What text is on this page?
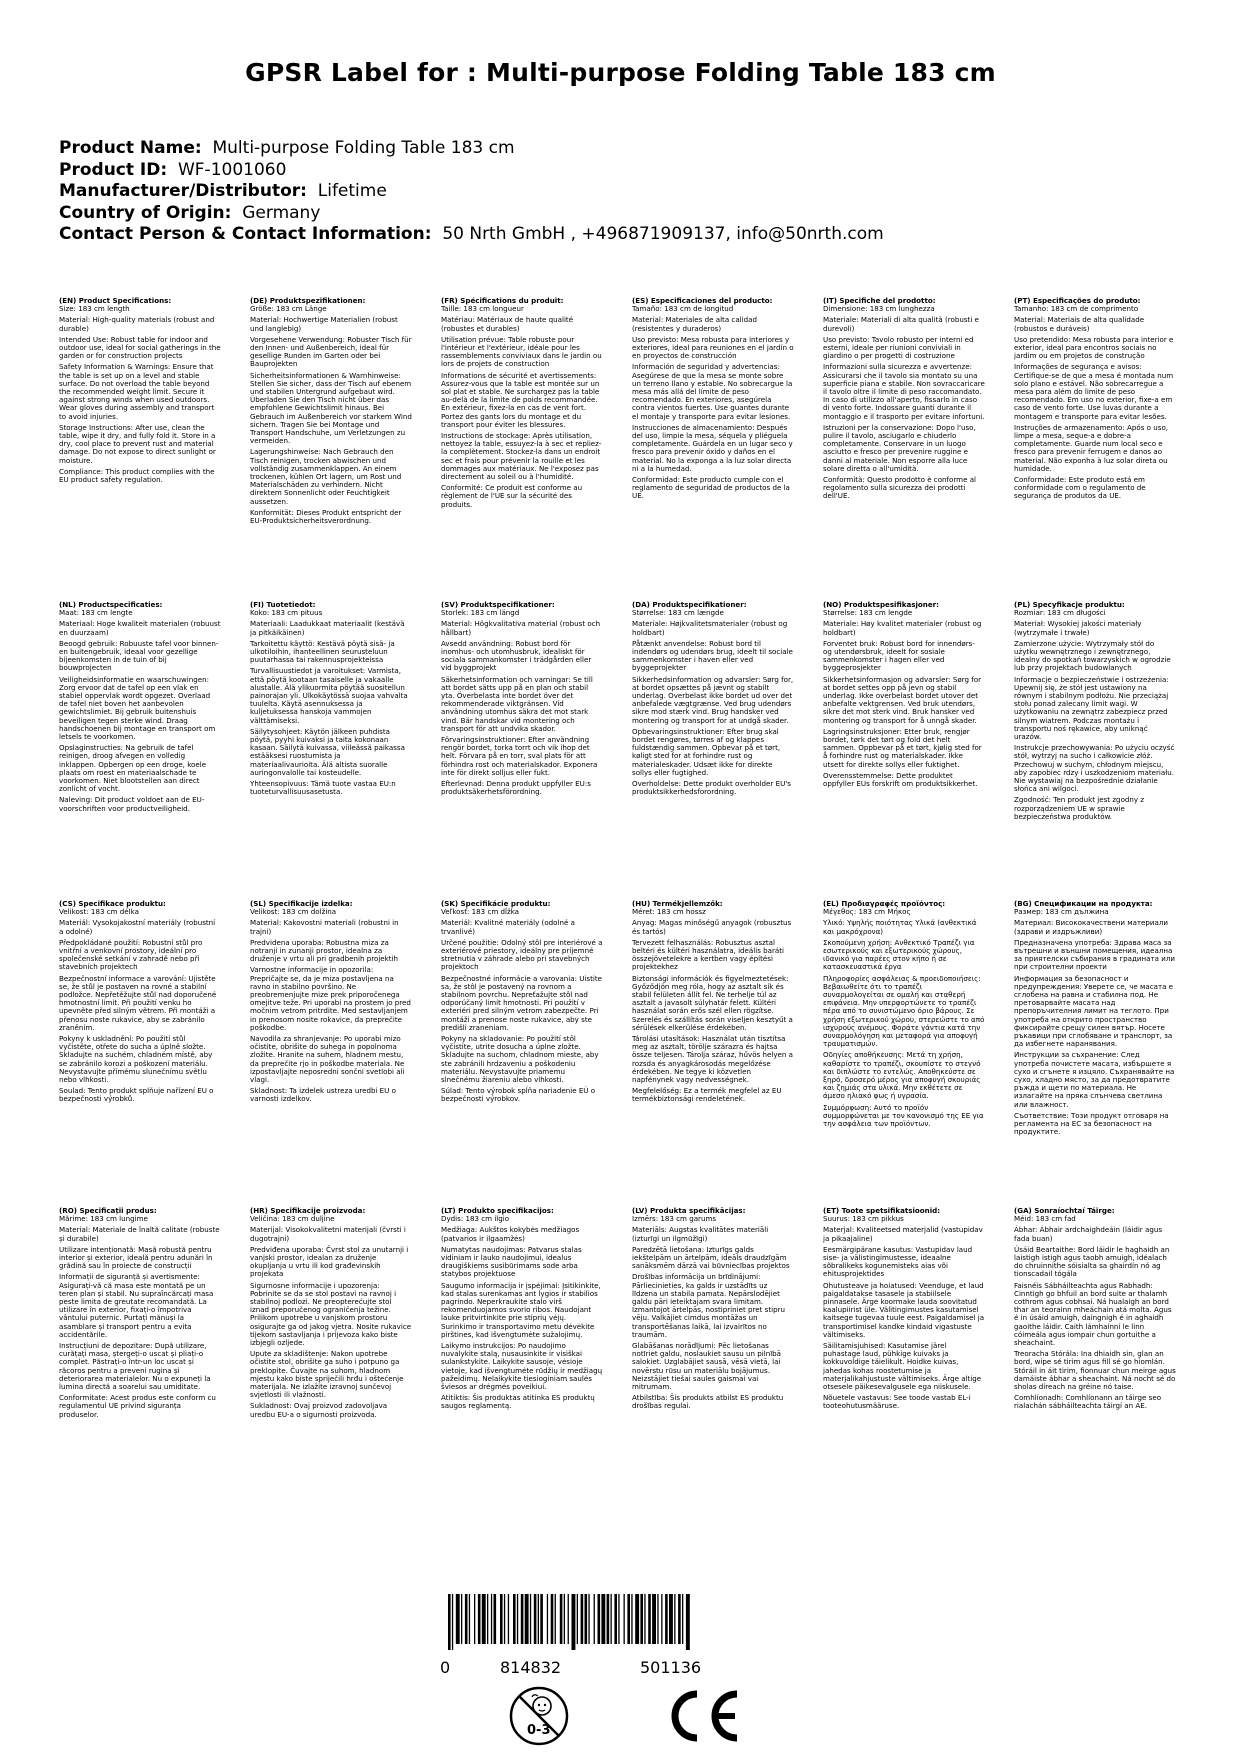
GPSR Label for : Multi-purpose Folding Table 183 cm
Product Name: Multi-purpose Folding Table 183 cm
Product ID: WF-1001060
Manufacturer/Distributor: Lifetime
Country of Origin: Germany
Contact Person & Contact Information: 50 Nrth GmbH , +496871909137, info@50nrth.com
(EN) Product Specifications:

Size: 183 cm length

Material: High-quality materials (robust and durable)

Intended Use: Robust table for indoor and outdoor use, ideal for social gatherings in the garden or for construction projects

Safety Information & Warnings: Ensure that the table is set up on a level and stable surface. Do not overload the table beyond the recommended weight limit. Secure it against strong winds when used outdoors. Wear gloves during assembly and transport to avoid injuries.

Storage Instructions: After use, clean the table, wipe it dry, and fully fold it. Store in a dry, cool place to prevent rust and material damage. Do not expose to direct sunlight or moisture.

Compliance: This product complies with the EU product safety regulation.

(DE) Produktspezifikationen:

Größe: 183 cm Länge

Material: Hochwertige Materialien (robust und langlebig)

Vorgesehene Verwendung: Robuster Tisch für den Innen- und Außenbereich, ideal für gesellige Runden im Garten oder bei Bauprojekten

Sicherheitsinformationen & Warnhinweise: Stellen Sie sicher, dass der Tisch auf ebenem und stabilen Untergrund aufgebaut wird. Überladen Sie den Tisch nicht über das empfohlene Gewichtslimit hinaus. Bei Gebrauch im Außenbereich vor starkem Wind sichern. Tragen Sie bei Montage und Transport Handschuhe, um Verletzungen zu vermeiden.

Lagerungshinweise: Nach Gebrauch den Tisch reinigen, trocken abwischen und vollständig zusammenklappen. An einem trockenen, kühlen Ort lagern, um Rost und Materialschäden zu verhindern. Nicht direktem Sonnenlicht oder Feuchtigkeit aussetzen.

Konformität: Dieses Produkt entspricht der EU-Produktsicherheitsverordnung.

(FR) Spécifications du produit:

Taille: 183 cm longueur

Matériau: Matériaux de haute qualité (robustes et durables)

Utilisation prévue: Table robuste pour l'intérieur et l'extérieur, idéale pour les rassemblements conviviaux dans le jardin ou lors de projets de construction

Informations de sécurité et avertissements: Assurez-vous que la table est montée sur un sol plat et stable. Ne surchargez pas la table au-delà de la limite de poids recommandée. En extérieur, fixez-la en cas de vent fort. Portez des gants lors du montage et du transport pour éviter les blessures.

Instructions de stockage: Après utilisation, nettoyez la table, essuyez-la à sec et repliez-la complètement. Stockez-la dans un endroit sec et frais pour prévenir la rouille et les dommages aux matériaux. Ne l'exposez pas directement au soleil ou à l'humidité.

Conformité: Ce produit est conforme au règlement de l'UE sur la sécurité des produits.

(ES) Especificaciones del producto:

Tamaño: 183 cm de longitud

Material: Materiales de alta calidad (resistentes y duraderos)

Uso previsto: Mesa robusta para interiores y exteriores, ideal para reuniones en el jardín o en proyectos de construcción

Información de seguridad y advertencias: Asegúrese de que la mesa se monte sobre un terreno llano y estable. No sobrecargue la mesa más allá del límite de peso recomendado. En exteriores, asegúrela contra vientos fuertes. Use guantes durante el montaje y transporte para evitar lesiones.

Instrucciones de almacenamiento: Después del uso, limpie la mesa, séquela y pliéguela completamente. Guárdela en un lugar seco y fresco para prevenir óxido y daños en el material. No la exponga a la luz solar directa ni a la humedad.

Conformidad: Este producto cumple con el reglamento de seguridad de productos de la UE.

(IT) Specifiche del prodotto:

Dimensione: 183 cm lunghezza

Materiale: Materiali di alta qualità (robusti e durevoli)

Uso previsto: Tavolo robusto per interni ed esterni, ideale per riunioni conviviali in giardino o per progetti di costruzione

Informazioni sulla sicurezza e avvertenze: Assicurarsi che il tavolo sia montato su una superficie piana e stabile. Non sovraccaricare il tavolo oltre il limite di peso raccomandato. In caso di utilizzo all'aperto, fissarlo in caso di vento forte. Indossare guanti durante il montaggio e il trasporto per evitare infortuni.

Istruzioni per la conservazione: Dopo l'uso, pulire il tavolo, asciugarlo e chiuderlo completamente. Conservare in un luogo asciutto e fresco per prevenire ruggine e danni al materiale. Non esporre alla luce solare diretta o all'umidità.

Conformità: Questo prodotto è conforme al regolamento sulla sicurezza dei prodotti dell'UE.

(PT) Especificações do produto:

Tamanho: 183 cm de comprimento

Material: Materiais de alta qualidade (robustos e duráveis)

Uso pretendido: Mesa robusta para interior e exterior, ideal para encontros sociais no jardim ou em projetos de construção

Informações de segurança e avisos: Certifique-se de que a mesa é montada num solo plano e estável. Não sobrecarregue a mesa para além do limite de peso recomendado. Em uso no exterior, fixe-a em caso de vento forte. Use luvas durante a montagem e transporte para evitar lesões.

Instruções de armazenamento: Após o uso, limpe a mesa, seque-a e dobre-a completamente. Guarde num local seco e fresco para prevenir ferrugem e danos ao material. Não exponha à luz solar direta ou humidade.

Conformidade: Este produto está em conformidade com o regulamento de segurança de produtos da UE.

(NL) Productspecificaties:

Maat: 183 cm lengte

Materiaal: Hoge kwaliteit materialen (robuust en duurzaam)

Beoogd gebruik: Robuuste tafel voor binnen- en buitengebruik, ideaal voor gezellige bijeenkomsten in de tuin of bij bouwprojecten

Veiligheidsinformatie en waarschuwingen: Zorg ervoor dat de tafel op een vlak en stabiel oppervlak wordt opgezet. Overlaad de tafel niet boven het aanbevolen gewichtslimiet. Bij gebruik buitenshuis beveiligen tegen sterke wind. Draag handschoenen bij montage en transport om letsels te voorkomen.

Opslaginstructies: Na gebruik de tafel reinigen, droog afvegen en volledig inklappen. Opbergen op een droge, koele plaats om roest en materiaalschade te voorkomen. Niet blootstellen aan direct zonlicht of vocht.

Naleving: Dit product voldoet aan de EU-voorschriften voor productveiligheid.

(FI) Tuotetiedot:

Koko: 183 cm pituus

Materiaali: Laadukkaat materiaalit (kestävä ja pitkäikäinen)

Tarkoitettu käyttö: Kestävä pöytä sisä- ja ulkotiloihin, ihanteellinen seurusteluun puutarhassa tai rakennusprojekteissa

Turvallisuustiedot ja varoitukset: Varmista, että pöytä kootaan tasaiselle ja vakaalle alustalle. Älä ylikuormita pöytää suositellun painorajan yli. Ulkokäytössä suojaa vahvalta tuulelta. Käytä asennuksessa ja kuljetuksessa hanskoja vammojen välttämiseksi.

Säilytysohjeet: Käytön jälkeen puhdista pöytä, pyyhi kuivaksi ja taita kokonaan kasaan. Säilytä kuivassa, viileässä paikassa estääksesi ruostumista ja materiaalivaurioita. Älä altista suoralle auringonvalolle tai kosteudelle.

Yhteensopivuus: Tämä tuote vastaa EU:n tuoteturvallisuusasetusta.

(SV) Produktspecifikationer:

Storlek: 183 cm längd

Material: Högkvalitativa material (robust och hållbart)

Avsedd användning: Robust bord för inomhus- och utomhusbruk, idealiskt för sociala sammankomster i trädgården eller vid byggprojekt

Säkerhetsinformation och varningar: Se till att bordet sätts upp på en plan och stabil yta. Överbelasta inte bordet över det rekommenderade viktgränsen. Vid användning utomhus säkra det mot stark vind. Bär handskar vid montering och transport för att undvika skador.

Förvaringsinstruktioner: Efter användning rengör bordet, torka torrt och vik ihop det helt. Förvara på en torr, sval plats för att förhindra rost och materialskador. Exponera inte för direkt solljus eller fukt.

Efterlevnad: Denna produkt uppfyller EU:s produktsäkerhetsförordning.

(DA) Produktspecifikationer:

Størrelse: 183 cm længde

Materiale: Højkvalitetsmaterialer (robust og holdbart)

Påtænkt anvendelse: Robust bord til indendørs og udendørs brug, ideelt til sociale sammenkomster i haven eller ved byggeprojekter

Sikkerhedsinformation og advarsler: Sørg for, at bordet opsættes på jævnt og stabilt underlag. Overbelast ikke bordet ud over det anbefalede vægtgrænse. Ved brug udendørs sikre mod stærk vind. Brug handsker ved montering og transport for at undgå skader.

Opbevaringsinstruktioner: Efter brug skal bordet rengøres, tørres af og klappes fuldstændig sammen. Opbevar på et tørt, køligt sted for at forhindre rust og materialeskader. Udsæt ikke for direkte sollys eller fugtighed.

Overholdelse: Dette produkt overholder EU's produktsikkerhedsforordning.

(NO) Produktspesifikasjoner:

Størrelse: 183 cm lengde

Materiale: Høy kvalitet materialer (robust og holdbart)

Forventet bruk: Robust bord for innendørs- og utendørsbruk, ideelt for sosiale sammenkomster i hagen eller ved byggeprosjekter

Sikkerhetsinformasjon og advarsler: Sørg for at bordet settes opp på jevn og stabil underlag. Ikke overbelast bordet utover det anbefalte vektgrensen. Ved bruk utendørs, sikre det mot sterk vind. Bruk hansker ved montering og transport for å unngå skader.

Lagringsinstruksjoner: Etter bruk, rengjør bordet, tørk det tørt og fold det helt sammen. Oppbevar på et tørt, kjølig sted for å forhindre rust og materialskader. Ikke utsett for direkte sollys eller fuktighet.

Overensstemmelse: Dette produktet oppfyller EUs forskrift om produktsikkerhet.

(PL) Specyfikacje produktu:

Rozmiar: 183 cm długości

Materiał: Wysokiej jakości materiały (wytrzymałe i trwałe)

Zamierzone użycie: Wytrzymały stół do użytku wewnętrznego i zewnętrznego, idealny do spotkań towarzyskich w ogrodzie lub przy projektach budowlanych

Informacje o bezpieczeństwie i ostrzeżenia: Upewnij się, że stół jest ustawiony na równym i stabilnym podłożu. Nie przeciążaj stołu ponad zalecany limit wagi. W użytkowaniu na zewnątrz zabezpiecz przed silnym wiatrem. Podczas montażu i transportu noś rękawice, aby uniknąć urazów.

Instrukcje przechowywania: Po użyciu oczyść stół, wytrzyj na sucho i całkowicie złóż. Przechowuj w suchym, chłodnym miejscu, aby zapobiec rdzy i uszkodzeniom materiału. Nie wystawiaj na bezpośrednie działanie słońca ani wilgoci.

Zgodność: Ten produkt jest zgodny z rozporządzeniem UE w sprawie bezpieczeństwa produktów.

(CS) Specifikace produktu:

Velikost: 183 cm délka

Materiál: Vysokojakostní materiály (robustní a odolné)

Předpokládané použití: Robustní stůl pro vnitřní a venkovní prostory, ideální pro společenské setkání v zahradě nebo při stavebních projektech

Bezpečnostní informace a varování: Ujistěte se, že stůl je postaven na rovné a stabilní podložce. Nepřetěžujte stůl nad doporučené hmotnostní limit. Při použití venku ho upevněte před silným větrem. Při montáži a přenosu noste rukavice, aby se zabránilo zraněním.

Pokyny k uskladnění: Po použití stůl vyčistěte, otřete do sucha a úplně složte. Skladujte na suchém, chladném místě, aby se zabránilo korozi a poškození materiálu. Nevystavujte přímému slunečnímu světlu nebo vlhkosti.

Soulad: Tento produkt splňuje nařízení EU o bezpečnosti výrobků.

(SL) Specifikacije izdelka:

Velikost: 183 cm dolžina

Material: Kakovostni materiali (robustni in trajni)

Predvidena uporaba: Robustna miza za notranji in zunanji prostor, idealna za druženje v vrtu ali pri gradbenih projektih

Varnostne informacije in opozorila: Prepričajte se, da je miza postavljena na ravno in stabilno površino. Ne preobremenjujte mize prek priporočenega omejitve teže. Pri uporabi na prostem jo pred močnim vetrom pritrdite. Med sestavljanjem in prenosom nosite rokavice, da preprečite poškodbe.

Navodila za shranjevanje: Po uporabi mizo očistite, obrišite do suhega in popolnoma zložite. Hranite na suhem, hladnem mestu, da preprečite rjo in poškodbe materiala. Ne izpostavljajte neposredni sončni svetlobi ali vlagi.

Skladnost: Ta izdelek ustreza uredbi EU o varnosti izdelkov.

(SK) Špecifikácie produktu:

Veľkosť: 183 cm dĺžka

Materiál: Kvalitné materiály (odolné a trvanlivé)

Určené použitie: Odolný stôl pre interiérové a exteriérové priestory, ideálny pre príjemné stretnutia v záhrade alebo pri stavebných projektoch

Bezpečnostné informácie a varovania: Uistite sa, že stôl je postavený na rovnom a stabilnom povrchu. Nepreťažujte stôl nad odporúčaný limit hmotnosti. Pri použití v exteriéri pred silným vetrom zabezpečte. Pri montáži a prenose noste rukavice, aby ste predišli zraneniam.

Pokyny na skladovanie: Po použití stôl vyčistite, utrite dosucha a úplne zložte. Skladujte na suchom, chladnom mieste, aby ste zabránili hrdzaveniu a poškodeniu materiálu. Nevystavujte priamemu slnečnému žiareniu alebo vlhkosti.

Súlad: Tento výrobok spĺňa nariadenie EÚ o bezpečnosti výrobkov.

(HU) Termékjellemzők:

Méret: 183 cm hossz

Anyag: Magas minőségű anyagok (robusztus és tartós)

Tervezett felhasználás: Robusztus asztal beltéri és kültéri használatra, ideális baráti összejövetelekre a kertben vagy építési projektekhez

Biztonsági információk és figyelmeztetések: Győződjön meg róla, hogy az asztalt sík és stabil felületen állít fel. Ne terhelje túl az asztalt a javasolt súlyhatár felett. Kültéri használat során erős szél ellen rögzítse. Szerelés és szállítás során viseljen kesztyűt a sérülések elkerülése érdekében.

Tárolási utasítások: Használat után tisztítsa meg az asztalt, törölje szárazra és hajtsa össze teljesen. Tárolja száraz, hűvös helyen a rozsda és anyagkárosodás megelőzése érdekében. Ne tegye ki közvetlen napfénynek vagy nedvességnek.

Megfelelőség: Ez a termék megfelel az EU termékbiztonsági rendeletének.

(EL) Προδιαγραφές προϊόντος:

Μέγεθος: 183 cm Μήκος

Υλικό: Υψηλής ποιότητας Υλικά (ανθεκτικά και μακρόχρονα)

Σκοπούμενη χρήση: Ανθεκτικό Τραπέζι για εσωτερικούς και εξωτερικούς χώρους, ιδανικό για παρέες στον κήπο ή σε κατασκευαστικά έργα

Πληροφορίες ασφάλειας & προειδοποιήσεις: Βεβαιωθείτε ότι το τραπέζι συναρμολογείται σε ομαλή και σταθερή επιφάνεια. Μην υπερφορτώνετε το τραπέζι πέρα από το συνιστώμενο όριο βάρους. Σε χρήση εξωτερικού χώρου, στερεώστε το από ισχυρούς ανέμους. Φοράτε γάντια κατά την συναρμολόγηση και μεταφορά για αποφυγή τραυματισμών.

Οδηγίες αποθήκευσης: Μετά τη χρήση, καθαρίστε το τραπέζι, σκουπίστε το στεγνό και διπλώστε το εντελώς. Αποθηκεύστε σε ξηρό, δροσερό μέρος για αποφυγή σκουριάς και ζημιάς στα υλικά. Μην εκθέτετε σε άμεσο ηλιακό φως ή υγρασία.

Συμμόρφωση: Αυτό το προϊόν συμμορφώνεται με τον κανονισμό της ΕΕ για την ασφάλεια των προϊόντων.

(BG) Спецификации на продукта:

Размер: 183 cm дължина

Материал: Висококачествени материали (здрави и издръжливи)

Предназначена употреба: Здрава маса за вътрешни и външни помещения, идеална за приятелски събирания в градината или при строителни проекти

Информация за безопасност и предупреждения: Уверете се, че масата е сглобена на равна и стабилна под. Не претоварвайте масата над препоръчителния лимит на теглото. При употреба на открито пространство фиксирайте срещу силен вятър. Носете ръкавици при сглобяване и транспорт, за да избегнете наранявания.

Инструкции за съхранение: След употреба почистете масата, избършете я сухо и сгънете я изцяло. Съхранявайте на сухо, хладно място, за да предотвратите ръжда и щети по материала. Не излагайте на пряка слънчева светлина или влажност.

Съответствие: Този продукт отговаря на регламента на ЕС за безопасност на продуктите.

(RO) Specificații produs:

Mărime: 183 cm lungime

Material: Materiale de înaltă calitate (robuste și durabile)

Utilizare intenționată: Masă robustă pentru interior și exterior, ideală pentru adunări în grădină sau în proiecte de construcții

Informații de siguranță și avertismente: Asigurați-vă că masa este montată pe un teren plan și stabil. Nu supraîncărcați masa peste limita de greutate recomandată. La utilizare în exterior, fixați-o împotriva vântului puternic. Purtați mănuși la asamblare și transport pentru a evita accidentările.

Instrucțiuni de depozitare: După utilizare, curățați masa, ștergeți-o uscat și pliați-o complet. Păstrați-o într-un loc uscat și răcoros pentru a preveni rugina și deteriorarea materialelor. Nu o expuneți la lumina directă a soarelui sau umiditate.

Conformitate: Acest produs este conform cu regulamentul UE privind siguranța produselor.

(HR) Specifikacije proizvoda:

Veličina: 183 cm duljine

Materijal: Visokokvalitetni materijali (čvrsti i dugotrajni)

Predviđena uporaba: Čvrst stol za unutarnji i vanjski prostor, idealan za druženje okupljanja u vrtu ili kod građevinskih projekata

Sigurnosne informacije i upozorenja: Pobrinite se da se stol postavi na ravnoj i stabilnoj podlozi. Ne preopterećujte stol iznad preporučenog ograničenja težine. Prilikom upotrebe u vanjskom prostoru osigurajte ga od jakog vjetra. Nosite rukavice tijekom sastavljanja i prijevoza kako biste izbjegli ozljede.

Upute za skladištenje: Nakon upotrebe očistite stol, obrišite ga suho i potpuno ga preklopite. Čuvajte na suhom, hladnom mjestu kako biste spriječili hrđu i oštećenje materijala. Ne izlažite izravnoj sunčevoj svjetlosti ili vlažnosti.

Sukladnost: Ovaj proizvod zadovoljava uredbu EU-a o sigurnosti proizvoda.

(LT) Produkto specifikacijos:

Dydis: 183 cm ilgio

Medžiaga: Aukštos kokybės medžiagos (patvarios ir ilgaamžės)

Numatytas naudojimas: Patvarus stalas vidiniam ir lauko naudojimui, idealus draugiškiems susibūrimams sode arba statybos projektuose

Saugumo informacija ir įspėjimai: Įsitikinkite, kad stalas surenkamas ant lygios ir stabilios pagrindo. Neperkraukite stalo virš rekomenduojamos svorio ribos. Naudojant lauke pritvirtinkite prie stiprių vėjų. Surinkimo ir transportavimo metu dėvėkite pirštines, kad išvengtumėte sužalojimų.

Laikymo instrukcijos: Po naudojimo nuvalykite stalą, nusausinkite ir visiškai sulankstykite. Laikykite sausoje, vėsioje vietoje, kad išvengtumėte rūdžių ir medžiagų pažeidimų. Nelaikykite tiesioginiam saulės šviesos ar drėgmės poveikiui.

Atitiktis: Šis produktas atitinka ES produktų saugos reglamentą.

(LV) Produkta specifikācijas:

Izmērs: 183 cm garums

Materiāls: Augstas kvalitātes materiāli (izturīgi un ilgmūžīgi)

Paredzētā lietošana: Izturīgs galds iekštelpām un ārtelpām, ideāls draudzīgām sanāksmēm dārzā vai būvniecības projektos

Drošības informācija un brīdinājumi: Pārliecinieties, ka galds ir uzstādīts uz līdzena un stabila pamata. Nepārslodējiet galdu pāri ieteiktajam svara limitam. Izmantojot ārtelpās, nostipriniet pret stipru vēju. Valkājiet cimdus montāžas un transportēšanas laikā, lai izvairītos no traumām.

Glabāšanas norādījumi: Pēc lietošanas notīriet galdu, noslaukiet sausu un pilnībā salokiet. Uzglabājiet sausā, vēsā vietā, lai novērstu rūsu un materiālu bojājumus. Neizstājiet tiešai saules gaismai vai mitrumam.

Atbilstība: Šis produkts atbilst ES produktu drošības regulai.

(ET) Toote spetsifikatsioonid:

Suurus: 183 cm pikkus

Materjal: Kvaliteetsed materjalid (vastupidav ja pikaajaline)

Eesmärgipärane kasutus: Vastupidav laud sise- ja välistingimustesse, ideaalne sõbralikeks kogunemisteks aias või ehitusprojektides

Ohutusteave ja hoiatused: Veenduge, et laud paigaldatakse tasasele ja stabiilsele pinnasele. Ärge koormake lauda soovitatud kaalupiirist üle. Välitingimustes kasutamisel kaitsege tugevaa tuule eest. Paigaldamisel ja transportimisel kandke kindaid vigastuste vältimiseks.

Säilitamisjuhised: Kasutamise järel puhastage laud, pühkige kuivaks ja kokkuvoldige täielikult. Hoidke kuivas, jahedas kohas roostetumise ja materjalikahjustuste vältimiseks. Ärge altige otsesele päikesevalgusele ega niiskusele.

Nõuetele vastavus: See toode vastab EL-i tooteohutusmääruse.

(GA) Sonraíochtaí Táirge:

Méid: 183 cm fad

Ábhar: Ábhair ardchaighdeáin (láidir agus fada buan)

Úsáid Beartaithe: Bord láidir le haghaidh an laistigh istigh agus taobh amuigh, idéalach do chruinnithe sóisialta sa ghairdín nó ag tionscadail tógála

Faisnéis Sábháilteachta agus Rabhadh: Cinntigh go bhfuil an bord suite ar thalamh cothrom agus cobhsaí. Ná hualaigh an bord thar an teorainn mheáchain atá molta. Agus é in úsáid amuigh, daingnigh é in aghaidh gaoithe láidir. Caith lámhainní le linn cóimeála agus iompair chun gortuithe a sheachaint.

Treoracha Stórála: Ina dhiaidh sin, glan an bord, wipe sé tirim agus fill sé go hiomlán. Stóráil in áit tirim, fionnuar chun meirge agus damáiste ábhar a sheachaint. Ná nocht sé do sholas díreach na gréine nó taise.

Comhlíonadh: Comhlíonann an táirge seo rialachán sábháilteachta táirgí an AE.

0	814832	501136
0-3
